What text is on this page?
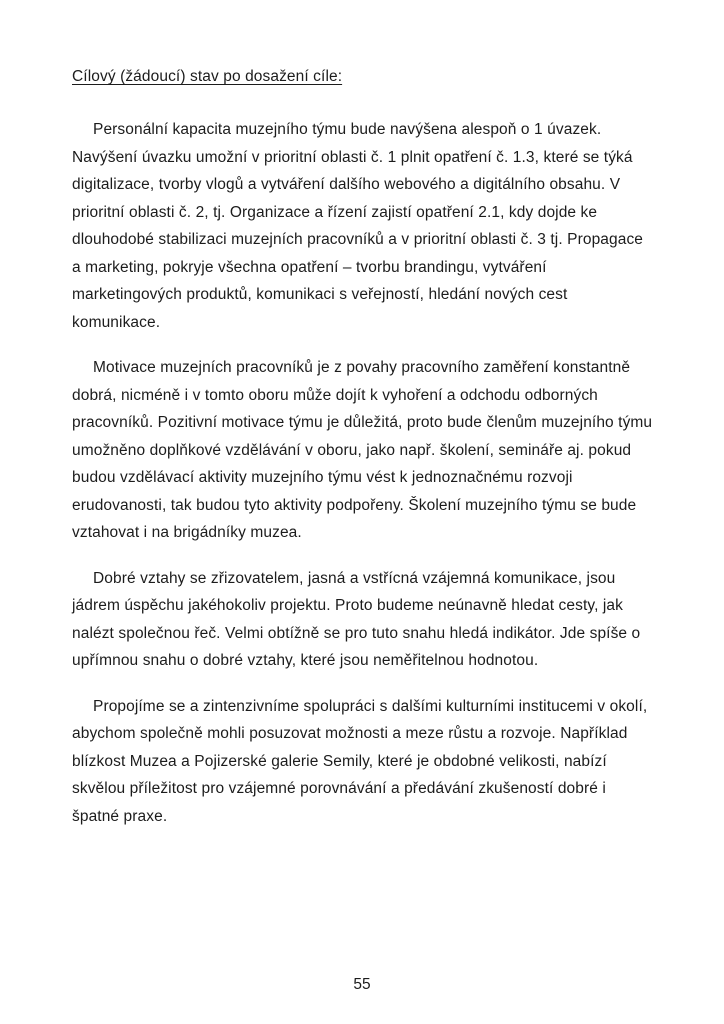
Cílový (žádoucí) stav po dosažení cíle:

Personální kapacita muzejního týmu bude navýšena alespoň o 1 úvazek. Navýšení úvazku umožní v prioritní oblasti č. 1 plnit opatření č. 1.3, které se týká digitalizace, tvorby vlogů a vytváření dalšího webového a digitálního obsahu. V prioritní oblasti č. 2, tj. Organizace a řízení zajistí opatření 2.1, kdy dojde ke dlouhodobé stabilizaci muzejních pracovníků a v prioritní oblasti č. 3 tj. Propagace a marketing, pokryje všechna opatření – tvorbu brandingu, vytváření marketingových produktů, komunikaci s veřejností, hledání nových cest komunikace.

Motivace muzejních pracovníků je z povahy pracovního zaměření konstantně dobrá, nicméně i v tomto oboru může dojít k vyhoření a odchodu odborných pracovníků. Pozitivní motivace týmu je důležitá, proto bude členům muzejního týmu umožněno doplňkové vzdělávání v oboru, jako např. školení, semináře aj. pokud budou vzdělávací aktivity muzejního týmu vést k jednoznačnému rozvoji erudovanosti, tak budou tyto aktivity podpořeny. Školení muzejního týmu se bude vztahovat i na brigádníky muzea.

Dobré vztahy se zřizovatelem, jasná a vstřícná vzájemná komunikace, jsou jádrem úspěchu jakéhokoliv projektu. Proto budeme neúnavně hledat cesty, jak nalézt společnou řeč. Velmi obtížně se pro tuto snahu hledá indikátor. Jde spíše o upřímnou snahu o dobré vztahy, které jsou neměřitelnou hodnotou.

Propojíme se a zintenzivníme spolupráci s dalšími kulturními institucemi v okolí, abychom společně mohli posuzovat možnosti a meze růstu a rozvoje. Například blízkost Muzea a Pojizerské galerie Semily, které je obdobné velikosti, nabízí skvělou příležitost pro vzájemné porovnávání a předávání zkušeností dobré i špatné praxe.

55
